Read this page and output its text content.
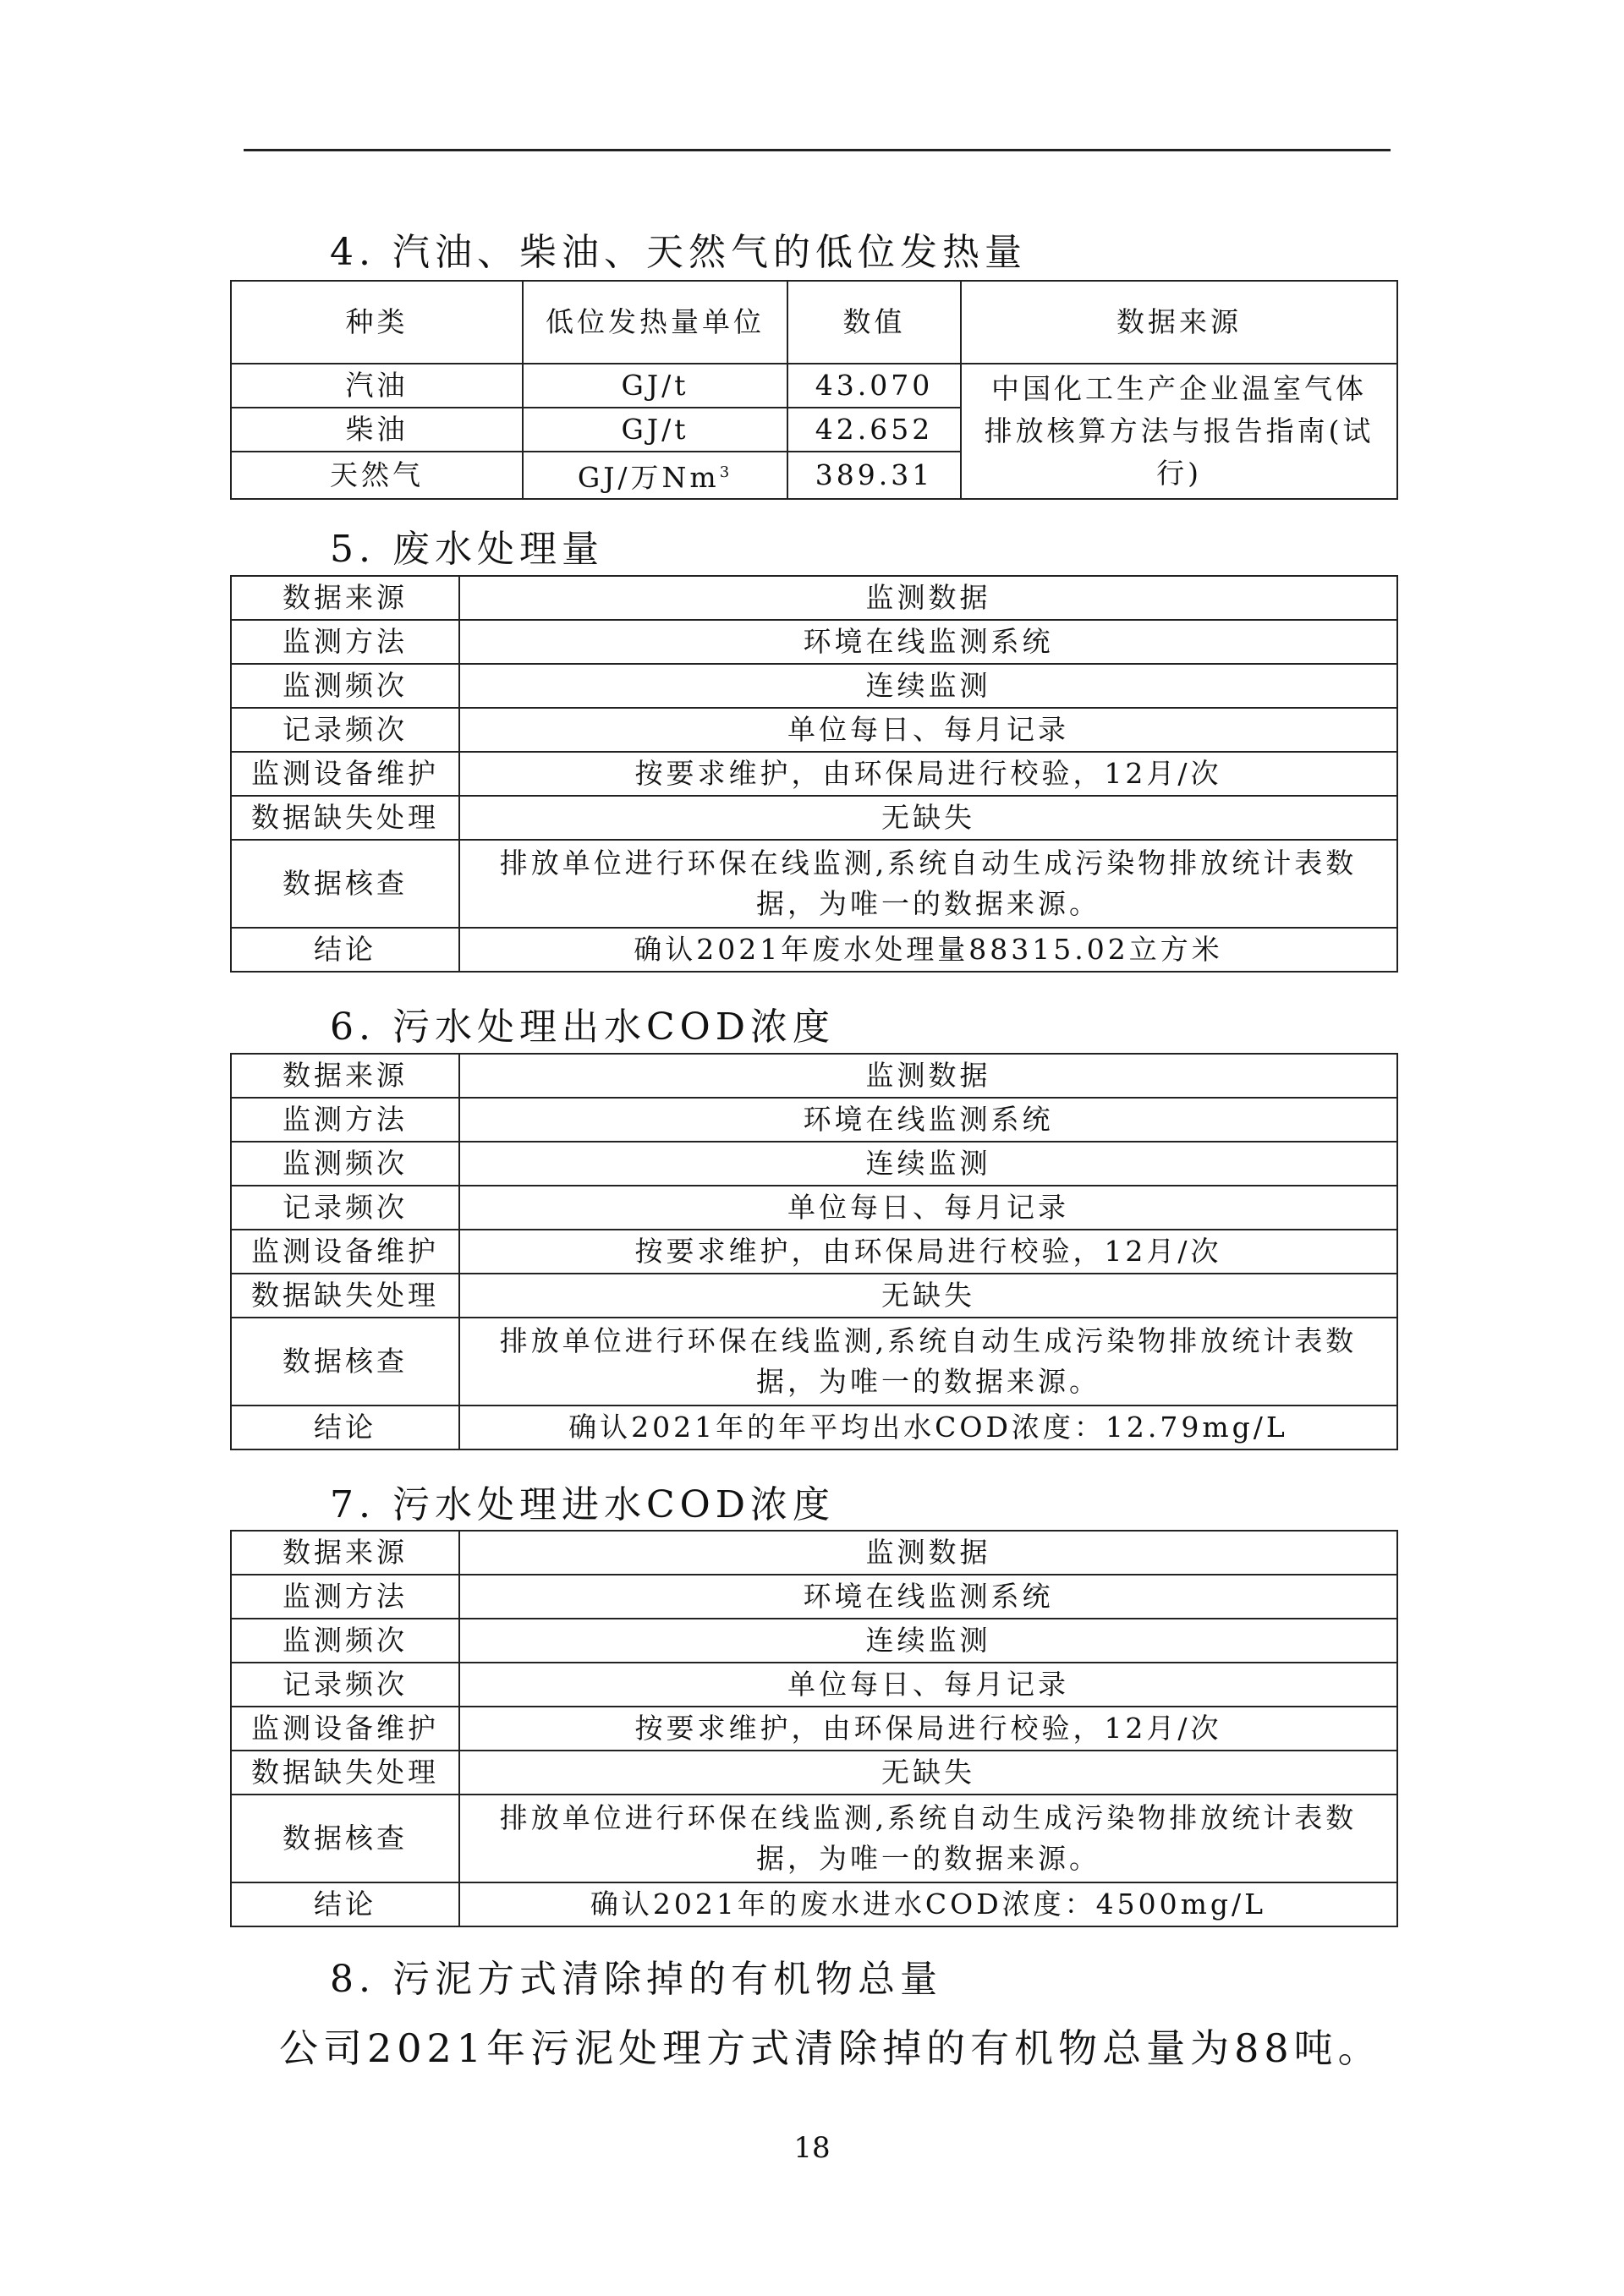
4. 汽油、柴油、天然气的低位发热量
种类	低位发热量单位	数值	数据来源
汽油	GJ/t	43.070	中国化工生产企业温室气体排放核算方法与报告指南(试行)
柴油	GJ/t	42.652	
天然气	GJ/万Nm$^3$	389.31	
5. 废水处理量
数据来源	监测数据
监测方法	环境在线监测系统
监测频次	连续监测
记录频次	单位每日、每月记录
监测设备维护	按要求维护，由环保局进行校验，12月/次
数据缺失处理	无缺失
数据核查	排放单位进行环保在线监测,系统自动生成污染物排放统计表数据，为唯一的数据来源。
结论	确认2021年废水处理量88315.02立方米
6. 污水处理出水COD浓度
数据来源	监测数据
监测方法	环境在线监测系统
监测频次	连续监测
记录频次	单位每日、每月记录
监测设备维护	按要求维护，由环保局进行校验，12月/次
数据缺失处理	无缺失
数据核查	排放单位进行环保在线监测,系统自动生成污染物排放统计表数据，为唯一的数据来源。
结论	确认2021年的年平均出水COD浓度：12.79mg/L
7. 污水处理进水COD浓度
数据来源	监测数据
监测方法	环境在线监测系统
监测频次	连续监测
记录频次	单位每日、每月记录
监测设备维护	按要求维护，由环保局进行校验，12月/次
数据缺失处理	无缺失
数据核查	排放单位进行环保在线监测,系统自动生成污染物排放统计表数据，为唯一的数据来源。
结论	确认2021年的废水进水COD浓度：4500mg/L
8. 污泥方式清除掉的有机物总量
公司2021年污泥处理方式清除掉的有机物总量为88吨。
18
